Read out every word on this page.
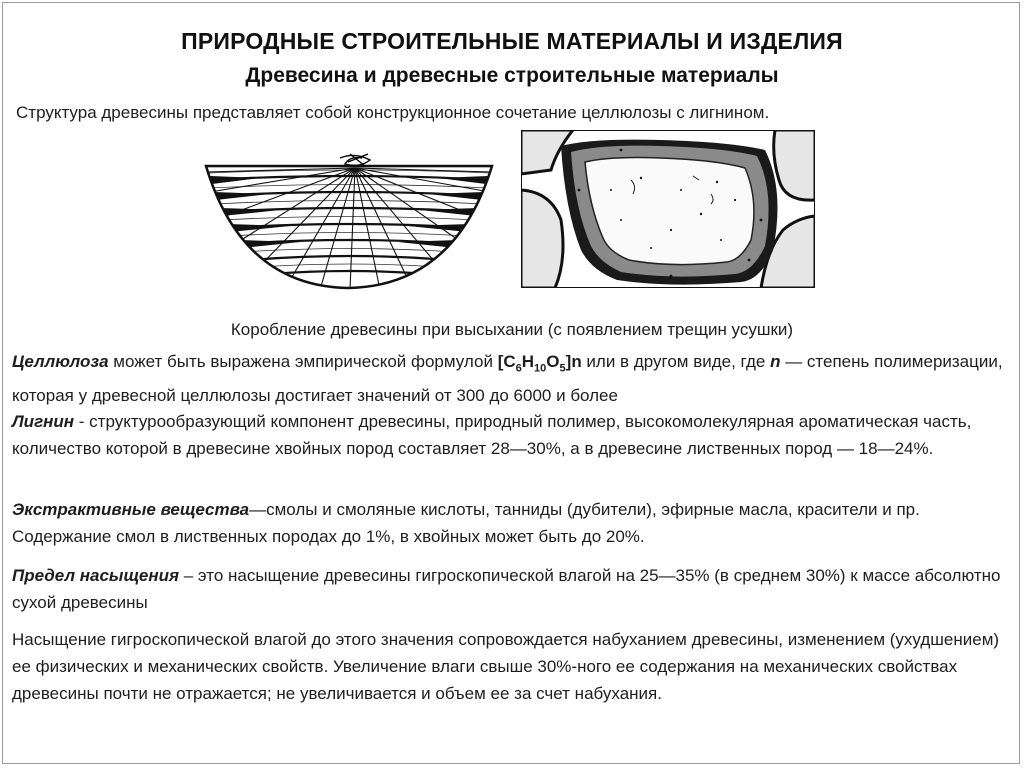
ПРИРОДНЫЕ СТРОИТЕЛЬНЫЕ МАТЕРИАЛЫ И ИЗДЕЛИЯ
Древесина и древесные строительные материалы
Структура древесины представляет собой конструкционное сочетание целлюлозы с лигнином.
Коробление древесины при высыхании (с появлением трещин усушки)
Целлюлоза может быть выражена эмпирической формулой $[C_6H_{10}O_5]n$ или в другом виде, где n — степень полимеризации, которая у древесной целлюлозы достигает значений от 300 до 6000 и более
Лигнин - структурообразующий компонент древесины, природный полимер, высокомолекулярная ароматическая часть, количество которой в древесине хвойных пород составляет 28—30%, а в древесине лиственных пород — 18—24%.
Экстрактивные вещества—смолы и смоляные кислоты, танниды (дубители), эфирные масла, красители и пр. Содержание смол в лиственных породах до 1%, в хвойных может быть до 20%.
Предел насыщения – это насыщение древесины гигроскопической влагой на 25—35% (в среднем 30%) к массе абсолютно сухой древесины
Насыщение гигроскопической влагой до этого значения сопровождается набуханием древесины, изменением (ухудшением) ее физических и механических свойств. Увеличение влаги свыше 30%-ного ее содержания на механических свойствах древесины почти не отражается; не увеличивается и объем ее за счет набухания.
